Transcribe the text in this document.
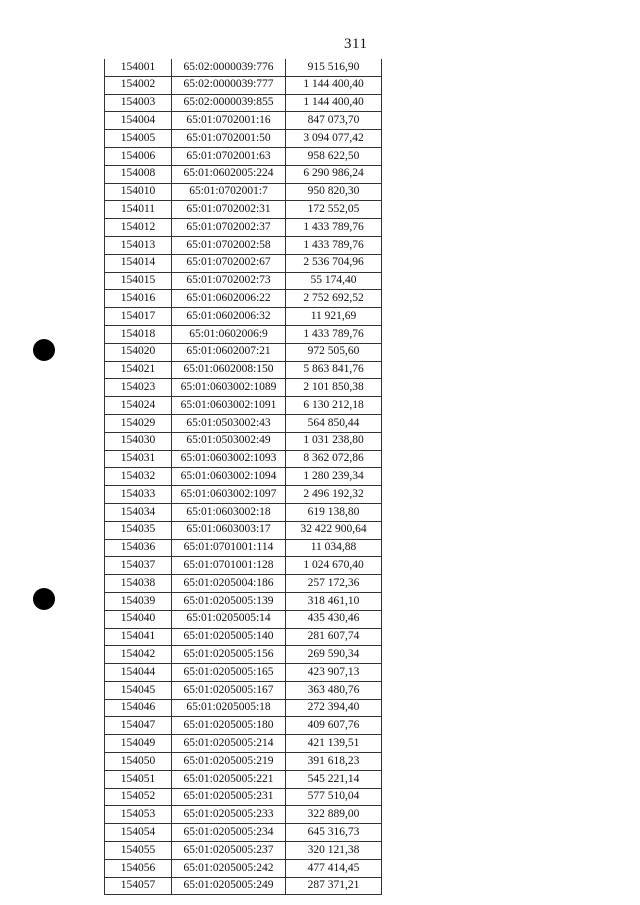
311
154001	65:02:0000039:776	915 516,90
154002	65:02:0000039:777	1 144 400,40
154003	65:02:0000039:855	1 144 400,40
154004	65:01:0702001:16	847 073,70
154005	65:01:0702001:50	3 094 077,42
154006	65:01:0702001:63	958 622,50
154008	65:01:0602005:224	6 290 986,24
154010	65:01:0702001:7	950 820,30
154011	65:01:0702002:31	172 552,05
154012	65:01:0702002:37	1 433 789,76
154013	65:01:0702002:58	1 433 789,76
154014	65:01:0702002:67	2 536 704,96
154015	65:01:0702002:73	55 174,40
154016	65:01:0602006:22	2 752 692,52
154017	65:01:0602006:32	11 921,69
154018	65:01:0602006:9	1 433 789,76
154020	65:01:0602007:21	972 505,60
154021	65:01:0602008:150	5 863 841,76
154023	65:01:0603002:1089	2 101 850,38
154024	65:01:0603002:1091	6 130 212,18
154029	65:01:0503002:43	564 850,44
154030	65:01:0503002:49	1 031 238,80
154031	65:01:0603002:1093	8 362 072,86
154032	65:01:0603002:1094	1 280 239,34
154033	65:01:0603002:1097	2 496 192,32
154034	65:01:0603002:18	619 138,80
154035	65:01:0603003:17	32 422 900,64
154036	65:01:0701001:114	11 034,88
154037	65:01:0701001:128	1 024 670,40
154038	65:01:0205004:186	257 172,36
154039	65:01:0205005:139	318 461,10
154040	65:01:0205005:14	435 430,46
154041	65:01:0205005:140	281 607,74
154042	65:01:0205005:156	269 590,34
154044	65:01:0205005:165	423 907,13
154045	65:01:0205005:167	363 480,76
154046	65:01:0205005:18	272 394,40
154047	65:01:0205005:180	409 607,76
154049	65:01:0205005:214	421 139,51
154050	65:01:0205005:219	391 618,23
154051	65:01:0205005:221	545 221,14
154052	65:01:0205005:231	577 510,04
154053	65:01:0205005:233	322 889,00
154054	65:01:0205005:234	645 316,73
154055	65:01:0205005:237	320 121,38
154056	65:01:0205005:242	477 414,45
154057	65:01:0205005:249	287 371,21
